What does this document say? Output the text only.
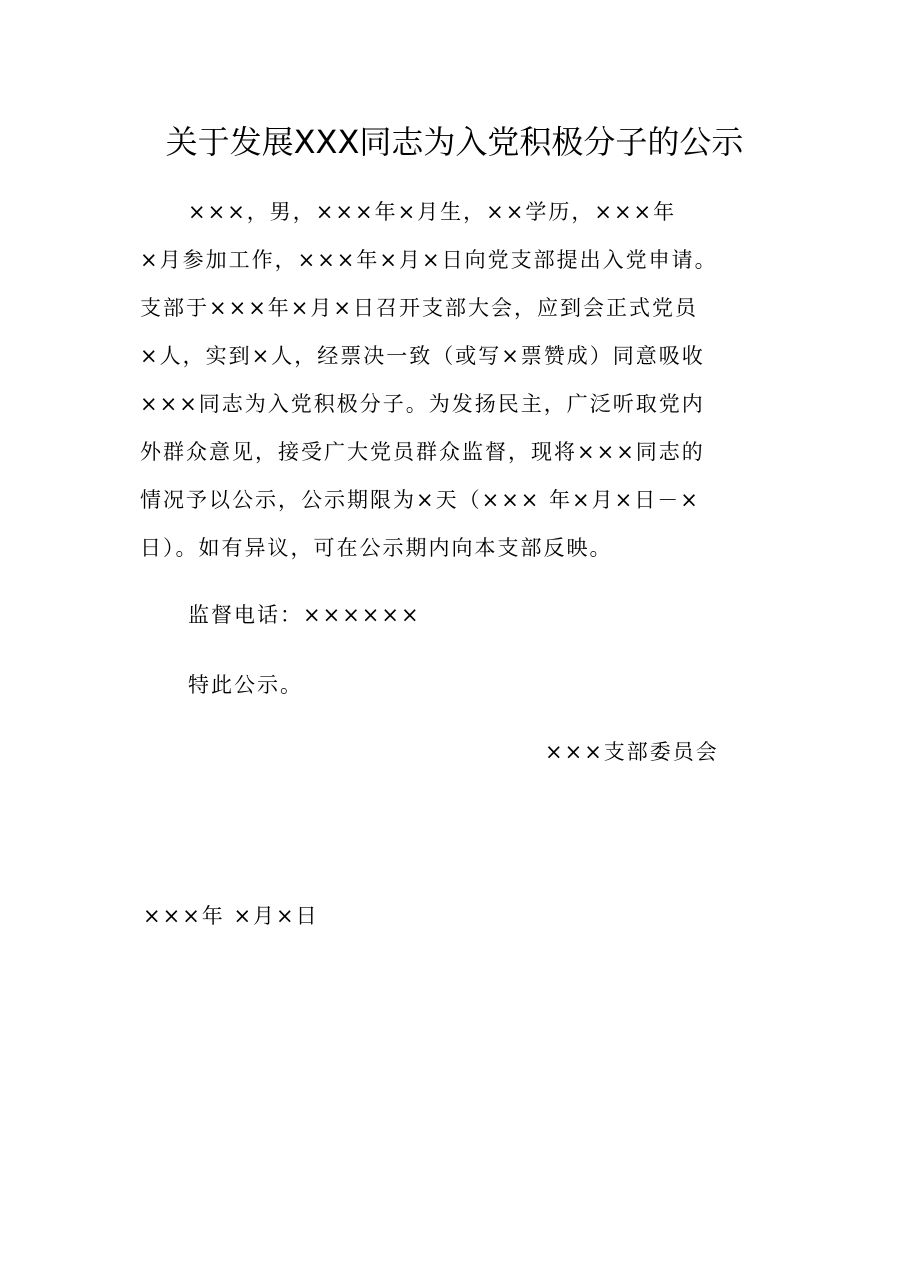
关于发展XXX同志为入党积极分子的公示

×××，男，×××年×月生，××学历，×××年

×月参加工作，×××年×月×日向党支部提出入党申请。

支部于×××年×月×日召开支部大会，应到会正式党员

×人，实到×人，经票决一致（或写×票赞成）同意吸收

×××同志为入党积极分子。为发扬民主，广泛听取党内

外群众意见，接受广大党员群众监督，现将×××同志的

情况予以公示，公示期限为×天（××× 年×月×日－×

日）。如有异议，可在公示期内向本支部反映。

监督电话：××××××

特此公示。

×××支部委员会
×××年 ×月×日
